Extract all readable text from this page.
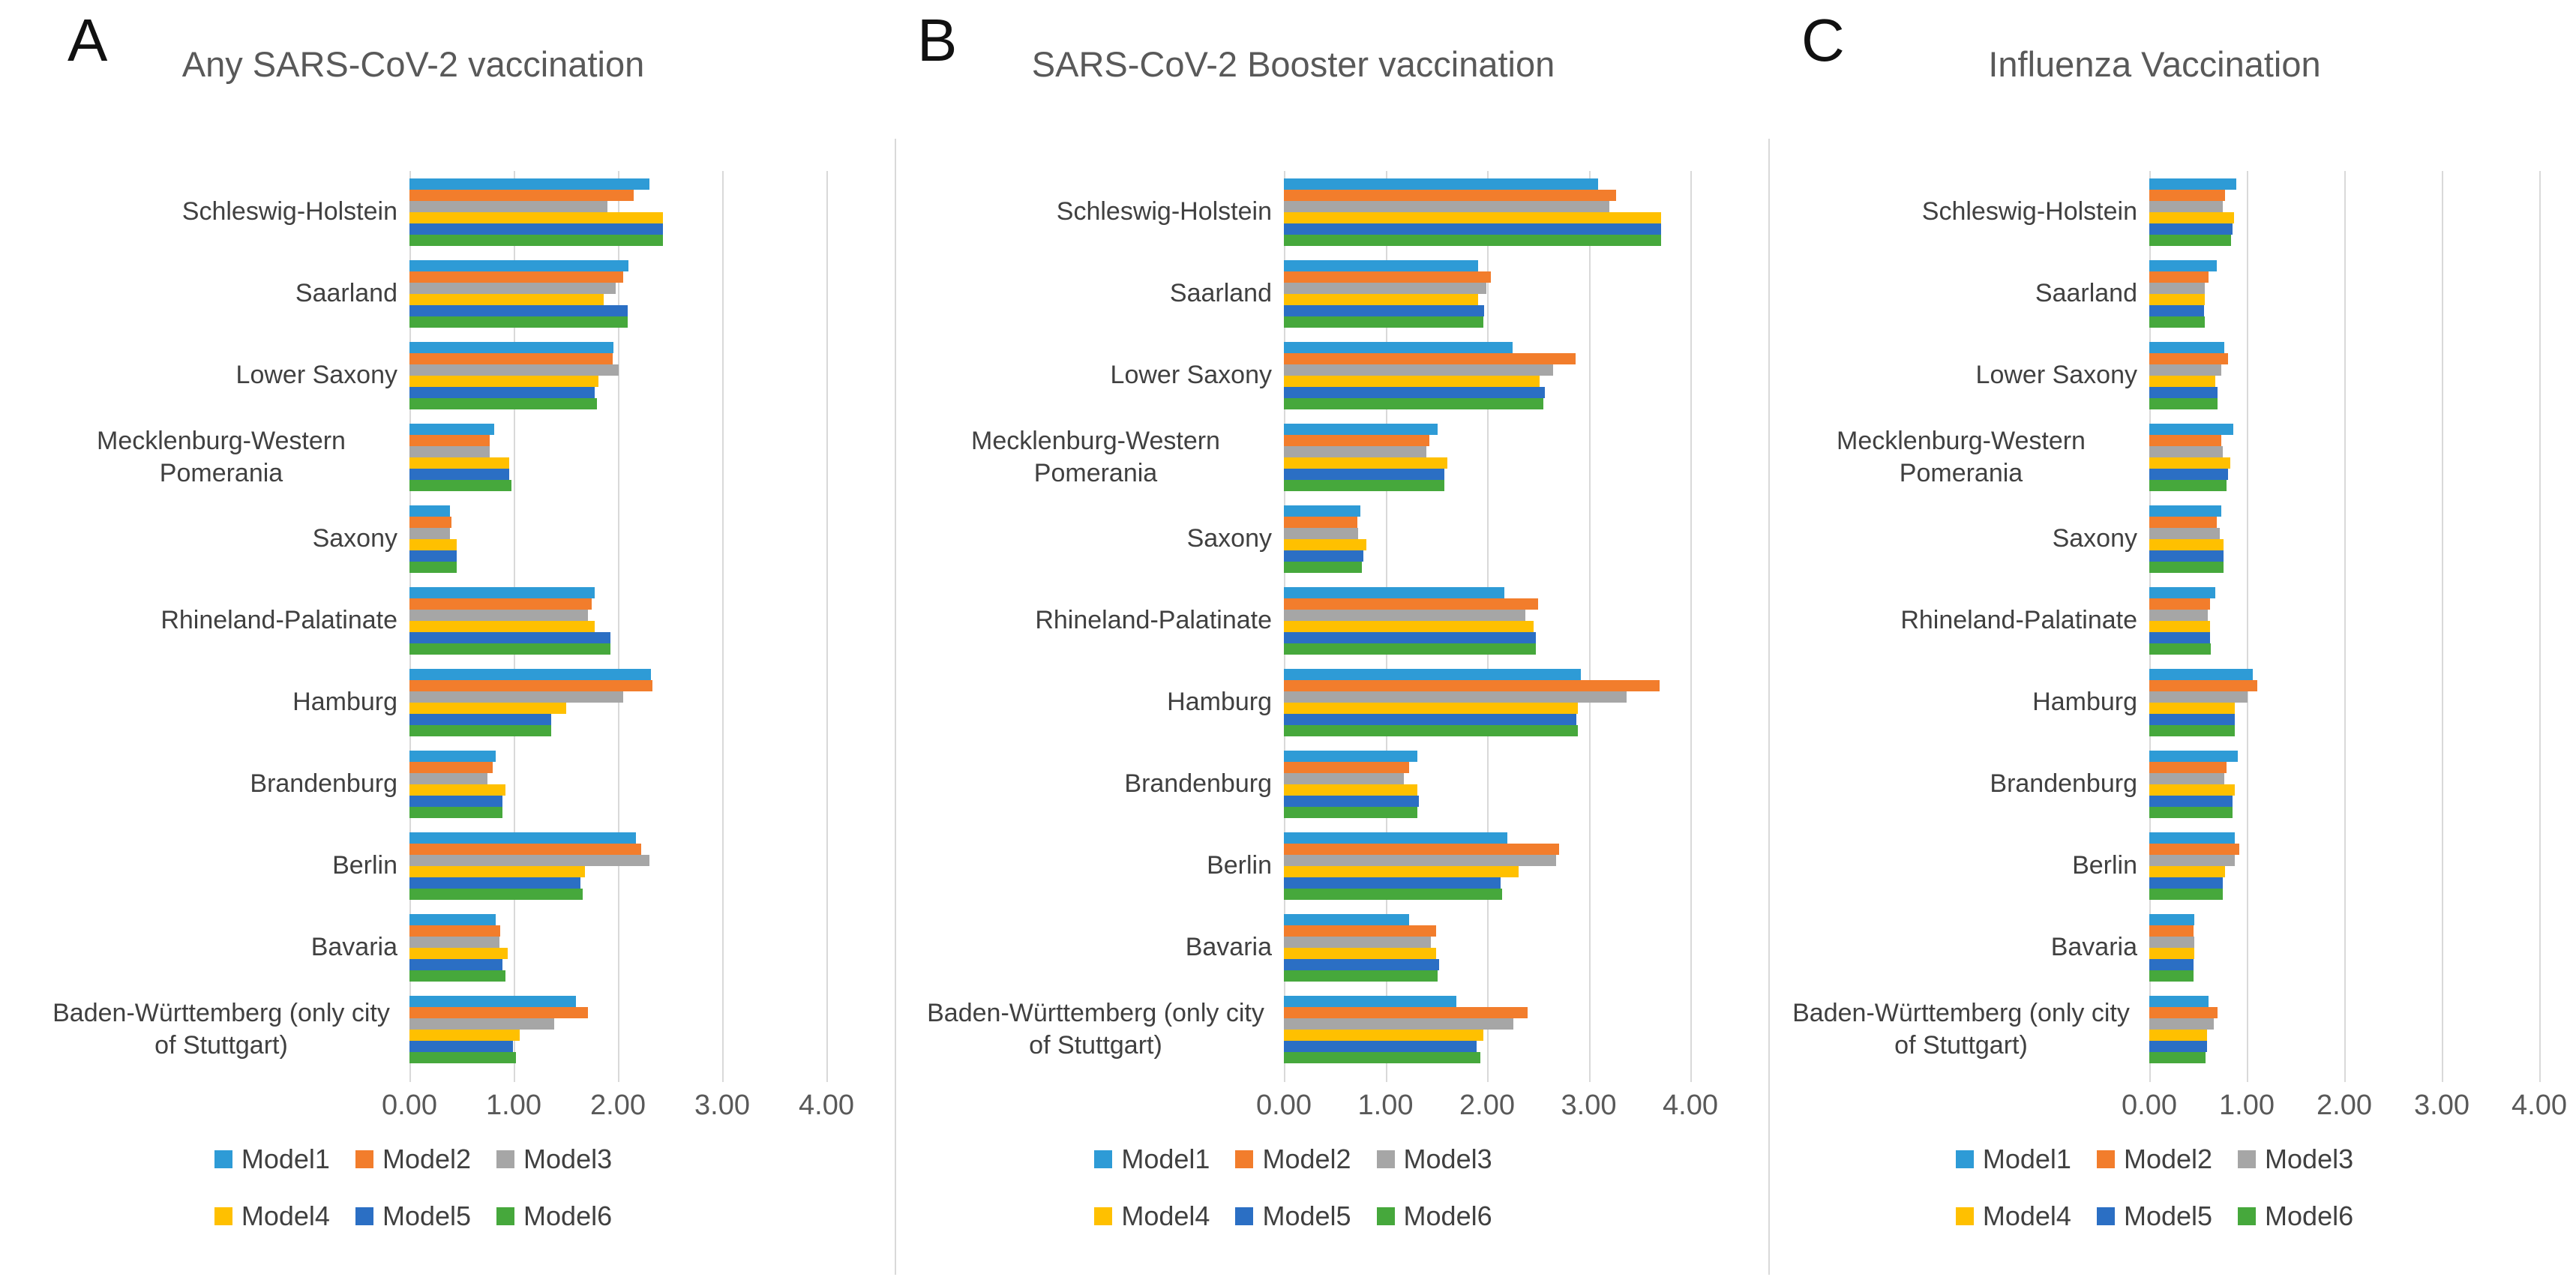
A	Any SARS-CoV-2 vaccination
Schleswig-Holstein
Saarland
Lower Saxony
Mecklenburg-Western Pomerania
Saxony
Rhineland-Palatinate
Hamburg
Brandenburg
Berlin
Bavaria
Baden-Württemberg (only city of Stuttgart)
0.00 1.00 2.00 3.00 4.00
Model1 Model2 Model3
Model4 Model5 Model6
B	SARS-CoV-2 Booster vaccination
Schleswig-Holstein
Saarland
Lower Saxony
Mecklenburg-Western Pomerania
Saxony
Rhineland-Palatinate
Hamburg
Brandenburg
Berlin
Bavaria
Baden-Württemberg (only city of Stuttgart)
0.00 1.00 2.00 3.00 4.00
Model1 Model2 Model3
Model4 Model5 Model6
C	Influenza Vaccination
Schleswig-Holstein
Saarland
Lower Saxony
Mecklenburg-Western Pomerania
Saxony
Rhineland-Palatinate
Hamburg
Brandenburg
Berlin
Bavaria
Baden-Württemberg (only city of Stuttgart)
0.00 1.00 2.00 3.00 4.00
Model1 Model2 Model3
Model4 Model5 Model6
